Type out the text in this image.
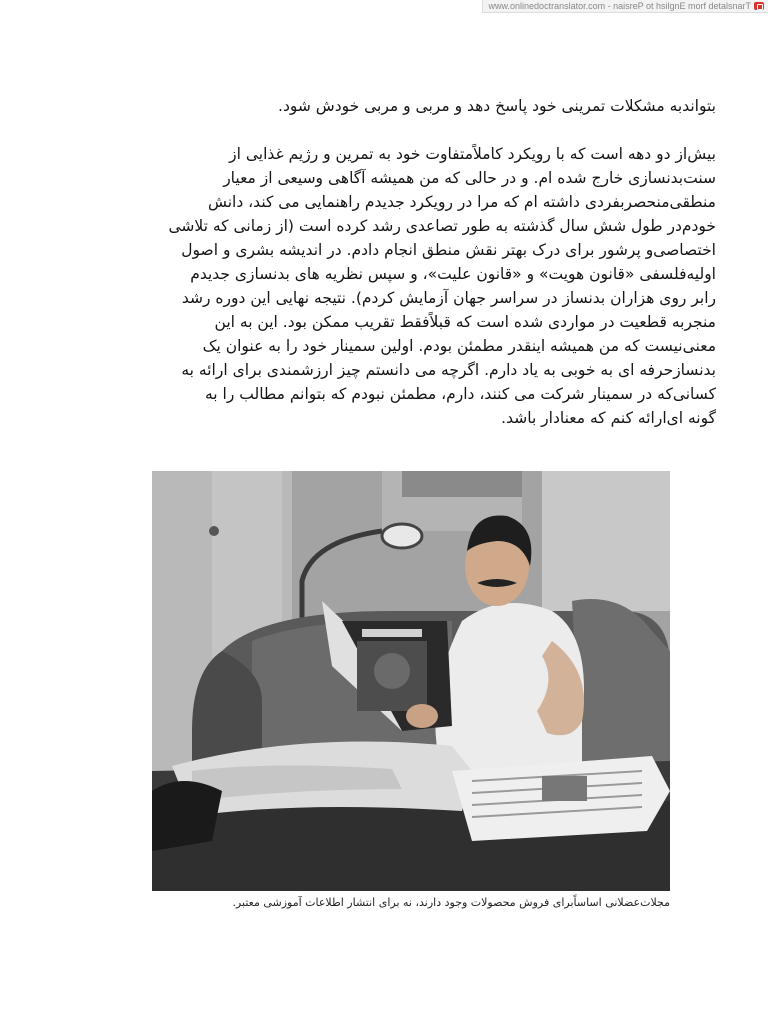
www.onlinedoctranslator.com - naisreP ot hsilgnE morf detalsnarT
بتواندبه مشکلات تمرینی خود پاسخ دهد و مربی و مربی خودش شود.
بیش‌از دو دهه است که با رویکرد کاملاً‌متفاوت خود به تمرین و رژیم غذایی از
سنت‌بدنسازی خارج شده ام. و در حالی که من همیشه آگاهی وسیعی از معیار
منطقی‌منحصربفردی داشته ام که مرا در رویکرد جدیدم راهنمایی می کند، دانش
خودم‌در طول شش سال گذشته به طور تصاعدی رشد کرده است (از زمانی که تلاشی
اختصاصی‌و پرشور برای درک بهتر نقش منطق انجام دادم. در اندیشه بشری و اصول
اولیه‌فلسفی «قانون هویت» و «قانون علیت»، و سپس نظریه های بدنسازی جدیدم
رابر روی هزاران بدنساز در سراسر جهان آزمایش کردم). نتیجه نهایی این دوره رشد
منجربه قطعیت در مواردی شده است که قبلاً‌فقط تقریب ممکن بود. این به این
معنی‌نیست که من همیشه اینقدر مطمئن بودم. اولین سمینار خود را به عنوان یک
بدنسازحرفه ای به خوبی به یاد دارم. اگرچه می دانستم چیز ارزشمندی برای ارائه به
کسانی‌که در سمینار شرکت می کنند، دارم، مطمئن نبودم که بتوانم مطالب را به
گونه ای‌ارائه کنم که معنادار باشد.
مجلات‌عضلانی اساساً‌برای فروش محصولات وجود دارند، نه برای انتشار اطلاعات آموزشی معتبر.
